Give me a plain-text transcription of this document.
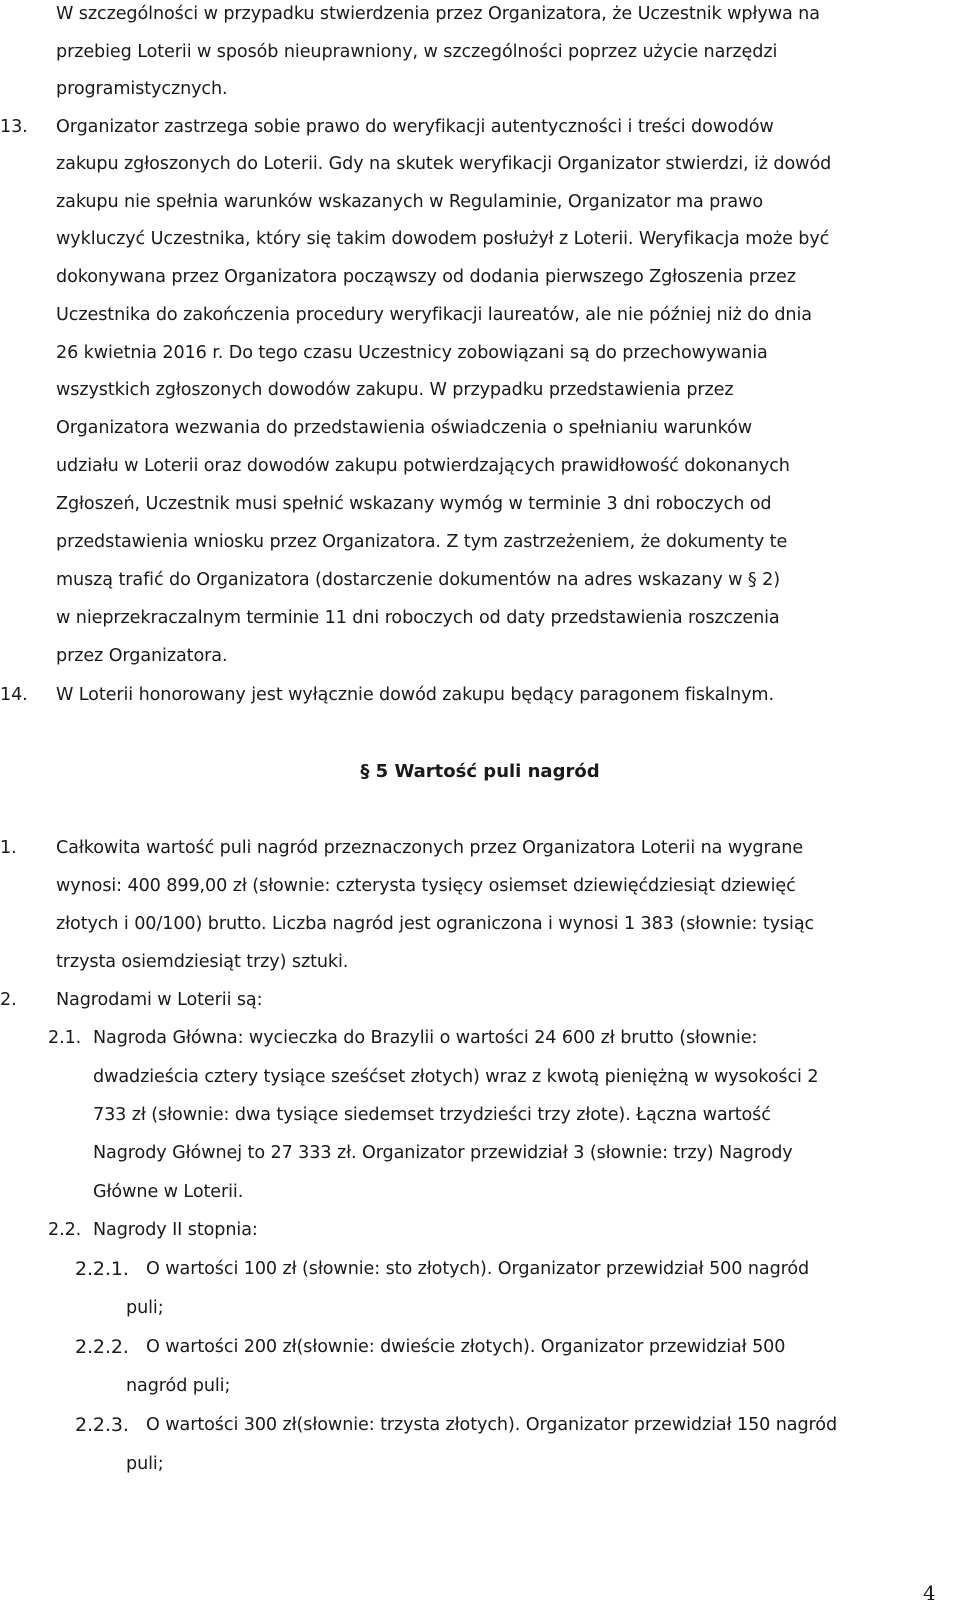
W szczególności w przypadku stwierdzenia przez Organizatora, że Uczestnik wpływa na
przebieg Loterii w sposób nieuprawniony, w szczególności poprzez użycie narzędzi
programistycznych.
13. Organizator zastrzega sobie prawo do weryfikacji autentyczności i treści dowodów
zakupu zgłoszonych do Loterii. Gdy na skutek weryfikacji Organizator stwierdzi, iż dowód
zakupu nie spełnia warunków wskazanych w Regulaminie, Organizator ma prawo
wykluczyć Uczestnika, który się takim dowodem posłużył z Loterii. Weryfikacja może być
dokonywana przez Organizatora począwszy od dodania pierwszego Zgłoszenia przez
Uczestnika do zakończenia procedury weryfikacji laureatów, ale nie później niż do dnia
26 kwietnia 2016 r. Do tego czasu Uczestnicy zobowiązani są do przechowywania
wszystkich zgłoszonych dowodów zakupu. W przypadku przedstawienia przez
Organizatora wezwania do przedstawienia oświadczenia o spełnianiu warunków
udziału w Loterii oraz dowodów zakupu potwierdzających prawidłowość dokonanych
Zgłoszeń, Uczestnik musi spełnić wskazany wymóg w terminie 3 dni roboczych od
przedstawienia wniosku przez Organizatora. Z tym zastrzeżeniem, że dokumenty te
muszą trafić do Organizatora (dostarczenie dokumentów na adres wskazany w § 2)
w nieprzekraczalnym terminie 11 dni roboczych od daty przedstawienia roszczenia
przez Organizatora.
14. W Loterii honorowany jest wyłącznie dowód zakupu będący paragonem fiskalnym.
§ 5 Wartość puli nagród
1. Całkowita wartość puli nagród przeznaczonych przez Organizatora Loterii na wygrane
wynosi: 400 899,00 zł (słownie: czterysta tysięcy osiemset dziewięćdziesiąt dziewięć
złotych i 00/100) brutto. Liczba nagród jest ograniczona i wynosi 1 383 (słownie: tysiąc
trzysta osiemdziesiąt trzy) sztuki.
2. Nagrodami w Loterii są:
2.1. Nagroda Główna: wycieczka do Brazylii o wartości 24 600 zł brutto (słownie:
dwadzieścia cztery tysiące sześćset złotych) wraz z kwotą pieniężną w wysokości 2
733 zł (słownie: dwa tysiące siedemset trzydzieści trzy złote). Łączna wartość
Nagrody Głównej to 27 333 zł. Organizator przewidział 3 (słownie: trzy) Nagrody
Główne w Loterii.
2.2. Nagrody II stopnia:
2.2.1. O wartości 100 zł (słownie: sto złotych). Organizator przewidział 500 nagród
puli;
2.2.2. O wartości 200 zł(słownie: dwieście złotych). Organizator przewidział 500
nagród puli;
2.2.3. O wartości 300 zł(słownie: trzysta złotych). Organizator przewidział 150 nagród
puli;
4
